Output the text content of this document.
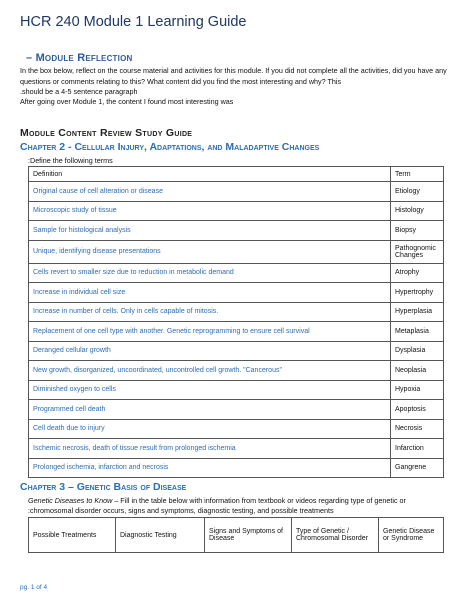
HCR 240 Module 1 Learning Guide
– Module Reflection
In the box below, reflect on the course material and activities for this module. If you did not complete all the activities, did you have any questions or comments relating to this? What content did you find the most interesting and why? This
.should be a 4-5 sentence paragraph
After going over Module 1, the content I found most interesting was
Module Content Review Study Guide
Chapter 2 - Cellular Injury, Adaptations, and Maladaptive Changes
:Define the following terms
Definition	Term
Original cause of cell alteration or disease	Etiology
Microscopic study of tissue	Histology
Sample for histological analysis	Biopsy
Unique, identifying disease presentations	Pathognomic Changes
Cells revert to smaller size due to reduction in metabolic demand	Atrophy
Increase in individual cell size	Hypertrophy
Increase in number of cells. Only in cells capable of mitosis.	Hyperplasia
Replacement of one cell type with another. Genetic reprogramming to ensure cell survival	Metaplasia
Deranged cellular growth	Dysplasia
New growth, disorganized, uncoordinated, uncontrolled cell growth. "Cancerous"	Neoplasia
Diminished oxygen to cells	Hypoxia
Programmed cell death	Apoptosis
Cell death due to injury	Necrosis
Ischemic necrosis, death of tissue result from prolonged ischemia	Infarction
Prolonged ischemia, infarction and necrosis	Gangrene
Chapter 3 – Genetic Basis of Disease
Genetic Diseases to Know – Fill in the table below with information from textbook or videos regarding type of genetic or
:chromosomal disorder occurs, signs and symptoms, diagnostic testing, and possible treatments
Possible Treatments	Diagnostic Testing	Signs and Symptoms of Disease	Type of Genetic / Chromosomal Disorder	Genetic Disease or Syndrome
pg. 1 of 4
